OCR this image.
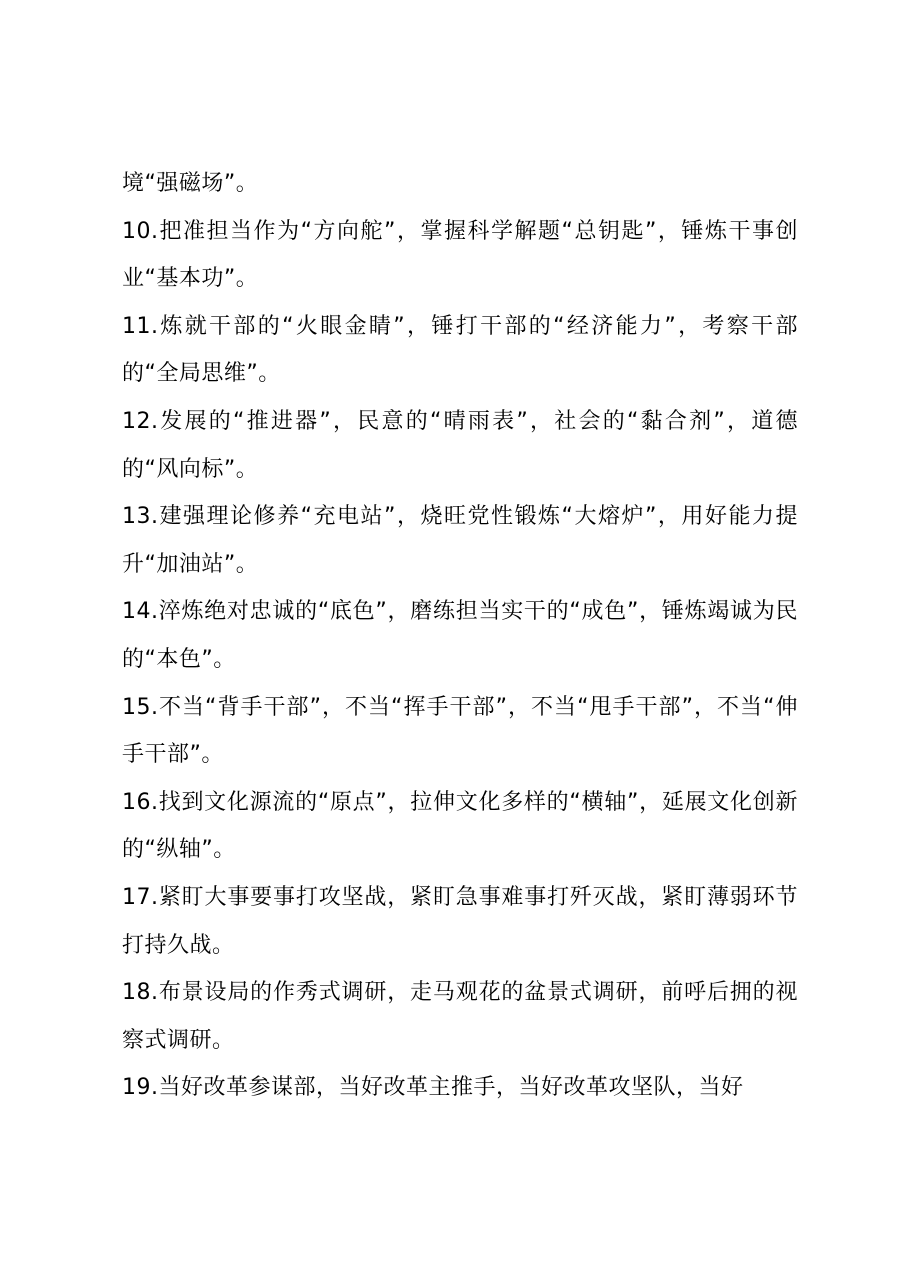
境“强磁场”。

10.把准担当作为“方向舵”，掌握科学解题“总钥匙”，锤炼干事创业“基本功”。

11.炼就干部的“火眼金睛”，锤打干部的“经济能力”，考察干部的“全局思维”。

12.发展的“推进器”，民意的“晴雨表”，社会的“黏合剂”，道德的“风向标”。

13.建强理论修养“充电站”，烧旺党性锻炼“大熔炉”，用好能力提升“加油站”。

14.淬炼绝对忠诚的“底色”，磨练担当实干的“成色”，锤炼竭诚为民的“本色”。

15.不当“背手干部”，不当“挥手干部”，不当“甩手干部”，不当“伸手干部”。

16.找到文化源流的“原点”，拉伸文化多样的“横轴”，延展文化创新的“纵轴”。

17.紧盯大事要事打攻坚战，紧盯急事难事打歼灭战，紧盯薄弱环节打持久战。

18.布景设局的作秀式调研，走马观花的盆景式调研，前呼后拥的视察式调研。

19.当好改革参谋部，当好改革主推手，当好改革攻坚队，当好
